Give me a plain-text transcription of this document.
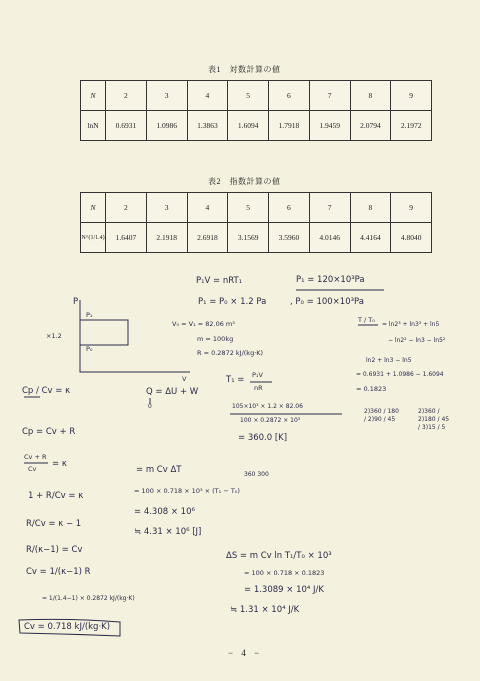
表1　対数計算の値
N	2	3	4	5	6	7	8	9
lnN	0.6931	1.0986	1.3863	1.6094	1.7918	1.9459	2.0794	2.1972
表2　指数計算の値
N	2	3	4	5	6	7	8	9
N^(1/1.4)	1.6407	2.1918	2.6918	3.1569	3.5960	4.0146	4.4164	4.8040
P₁V = nRT₁	P₁ = 120×10³Pa
P₁ = P₀ × 1.2 Pa	, P₀ = 100×10³Pa
V₀ = V₁ = 82.06 m³
m = 100kg
R = 0.2872 kJ/(kg·K)
T / T₀
= ln2³ + ln3³ + ln5
− ln2² − ln3 − ln5²
ln2 + ln3 − ln5
= 0.6931 + 1.0986 − 1.6094
= 0.1823
T₁ = P₁V
nR
105×10³ × 1.2 × 82.06
100 × 0.2872 × 10³
= 360.0 [K]
2)360 / 180 / 2)90 / 45
2)360 / 2)180 / 45 / 3)15 / 5
P
P₁
P₀
V
×1.2
Cp / Cv = κ
Cp = Cv + R
Cv + R
Cv = κ
1 + R/Cv = κ
R/Cv = κ − 1
R/(κ−1) = Cv
Cv = 1/(κ−1) R
= 1/(1.4−1) × 0.2872 kJ/(kg·K)
Cv = 0.718 kJ/(kg·K)
Q = ΔU + W
0
= m Cv ΔT	360 300
= 100 × 0.718 × 10³ × (T₁ − T₀)
= 4.308 × 10⁶
≒ 4.31 × 10⁶ [J]
ΔS = m Cv ln T₁/T₀ × 10³
= 100 × 0.718 × 0.1823
= 1.3089 × 10⁴ J/K
≒ 1.31 × 10⁴ J/K
− 4 −
